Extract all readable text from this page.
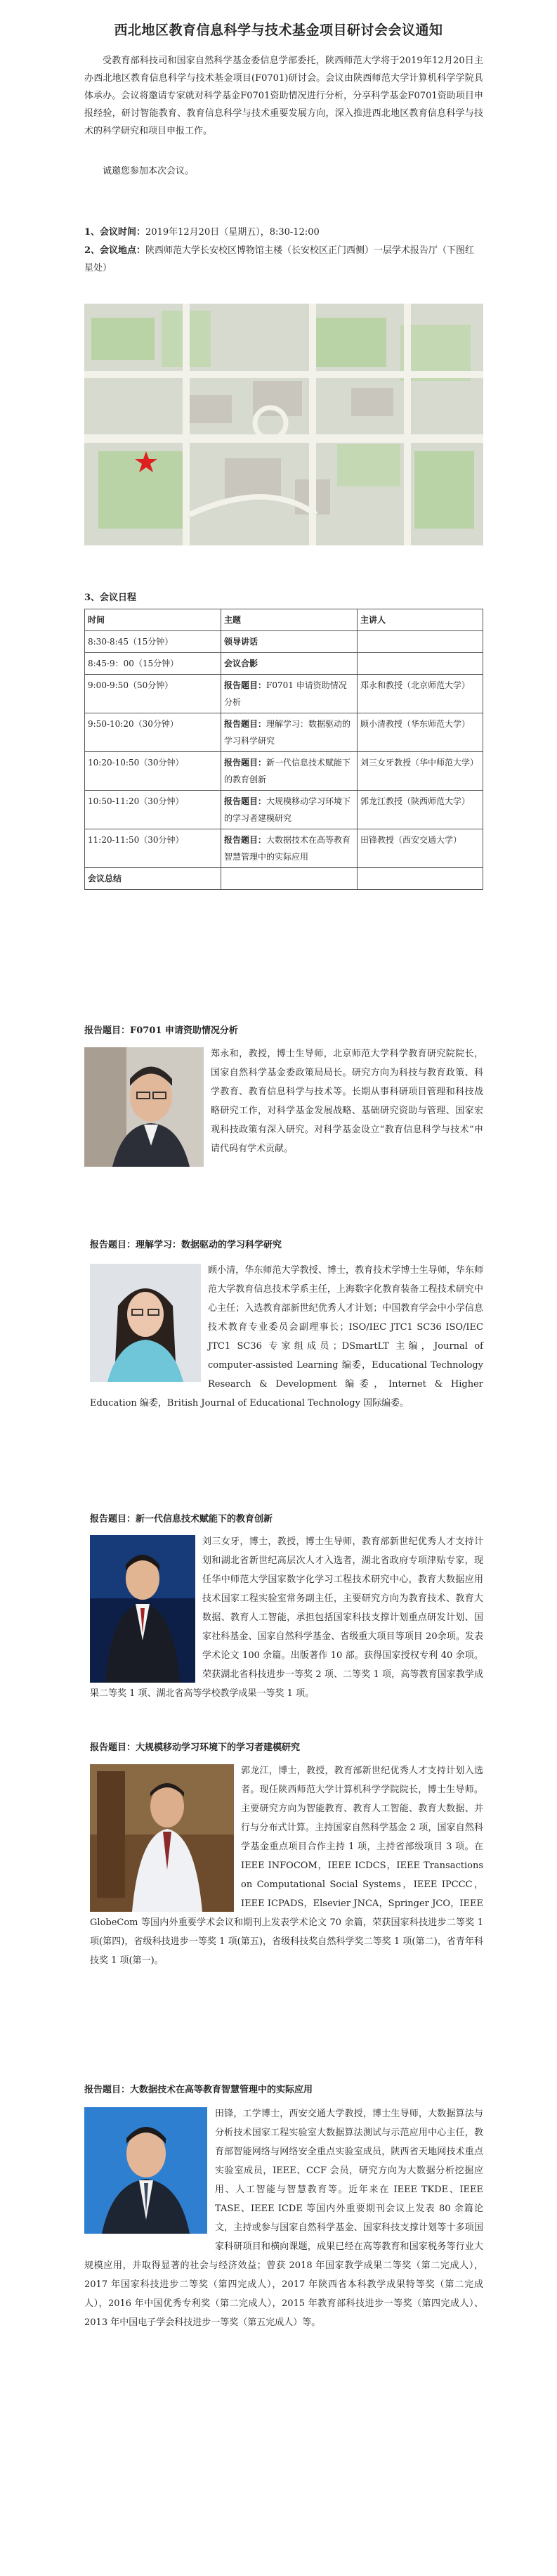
西北地区教育信息科学与技术基金项目研讨会会议通知
受教育部科技司和国家自然科学基金委信息学部委托，陕西师范大学将于2019年12月20日主办西北地区教育信息科学与技术基金项目(F0701)研讨会。会议由陕西师范大学计算机科学学院具体承办。会议将邀请专家就对科学基金F0701资助情况进行分析，分享科学基金F0701资助项目申报经验，研讨智能教育、教育信息科学与技术重要发展方向，深入推进西北地区教育信息科学与技术的科学研究和项目申报工作。
诚邀您参加本次会议。
1、会议时间：2019年12月20日（星期五），8:30-12:00
2、会议地点：陕西师范大学长安校区博物馆主楼（长安校区正门西侧）一层学术报告厅（下图红星处）
3、会议日程
时间	主题	主讲人
8:30-8:45（15分钟）	领导讲话	
8:45-9：00（15分钟）	会议合影	
9:00-9:50（50分钟）	报告题目：F0701 申请资助情况分析	郑永和教授（北京师范大学）
9:50-10:20（30分钟）	报告题目：理解学习：数据驱动的学习科学研究	顾小清教授（华东师范大学）
10:20-10:50（30分钟）	报告题目：新一代信息技术赋能下的教育创新	刘三女牙教授（华中师范大学）
10:50-11:20（30分钟）	报告题目：大规模移动学习环境下的学习者建模研究	郭龙江教授（陕西师范大学）
11:20-11:50（30分钟）	报告题目：大数据技术在高等教育智慧管理中的实际应用	田锋教授（西安交通大学）
会议总结		
报告题目：F0701 申请资助情况分析
郑永和，教授，博士生导师，北京师范大学科学教育研究院院长，国家自然科学基金委政策局局长。研究方向为科技与教育政策、科学教育、教育信息科学与技术等。长期从事科研项目管理和科技战略研究工作，对科学基金发展战略、基础研究资助与管理、国家宏观科技政策有深入研究。对科学基金设立“教育信息科学与技术”申请代码有学术贡献。
报告题目：理解学习：数据驱动的学习科学研究
顾小清，华东师范大学教授、博士，教育技术学博士生导师，华东师范大学教育信息技术学系主任，上海数字化教育装备工程技术研究中心主任；入选教育部新世纪优秀人才计划；中国教育学会中小学信息技术教育专业委员会副理事长；ISO/IEC JTC1 SC36 ISO/IEC JTC1 SC36 专家组成员；DSmartLT 主编，Journal of computer-assisted Learning 编委，Educational Technology Research & Development 编委，Internet & Higher Education 编委，British Journal of Educational Technology 国际编委。
报告题目：新一代信息技术赋能下的教育创新
刘三女牙，博士，教授，博士生导师，教育部新世纪优秀人才支持计划和湖北省新世纪高层次人才入选者，湖北省政府专项津贴专家，现任华中师范大学国家数字化学习工程技术研究中心，教育大数据应用技术国家工程实验室常务副主任，主要研究方向为教育技术、教育大数据、教育人工智能，承担包括国家科技支撑计划重点研发计划、国家社科基金、国家自然科学基金、省级重大项目等项目 20余项。发表学术论文 100 余篇。出版著作 10 部。获得国家授权专利 40 余项。荣获湖北省科技进步一等奖 2 项、二等奖 1 项，高等教育国家教学成果二等奖 1 项、湖北省高等学校教学成果一等奖 1 项。
报告题目：大规模移动学习环境下的学习者建模研究
郭龙江，博士，教授，教育部新世纪优秀人才支持计划入选者。现任陕西师范大学计算机科学学院院长，博士生导师。主要研究方向为智能教育、教育人工智能、教育大数据、并行与分布式计算。主持国家自然科学基金 2 项，国家自然科学基金重点项目合作主持 1 项，主持省部级项目 3 项。在 IEEE INFOCOM，IEEE ICDCS，IEEE Transactions on Computational Social Systems，IEEE IPCCC，IEEE ICPADS，Elsevier JNCA，Springer JCO，IEEE GlobeCom 等国内外重要学术会议和期刊上发表学术论文 70 余篇，荣获国家科技进步二等奖 1 项(第四)，省级科技进步一等奖 1 项(第五)，省级科技奖自然科学奖二等奖 1 项(第二)，省青年科技奖 1 项(第一)。
报告题目：大数据技术在高等教育智慧管理中的实际应用
田锋，工学博士，西安交通大学教授，博士生导师，大数据算法与分析技术国家工程实验室大数据算法测试与示范应用中心主任，教育部智能网络与网络安全重点实验室成员，陕西省天地网技术重点实验室成员，IEEE、CCF 会员，研究方向为大数据分析挖掘应用、人工智能与智慧教育等。近年来在 IEEE TKDE、IEEE TASE、IEEE ICDE 等国内外重要期刊会议上发表 80 余篇论文，主持或参与国家自然科学基金、国家科技支撑计划等十多项国家科研项目和横向课题，成果已经在高等教育和国家税务等行业大规模应用，并取得显著的社会与经济效益；曾获 2018 年国家教学成果二等奖（第二完成人），2017 年国家科技进步二等奖（第四完成人），2017 年陕西省本科教学成果特等奖（第二完成人），2016 年中国优秀专利奖（第二完成人），2015 年教育部科技进步一等奖（第四完成人）、2013 年中国电子学会科技进步一等奖（第五完成人）等。
